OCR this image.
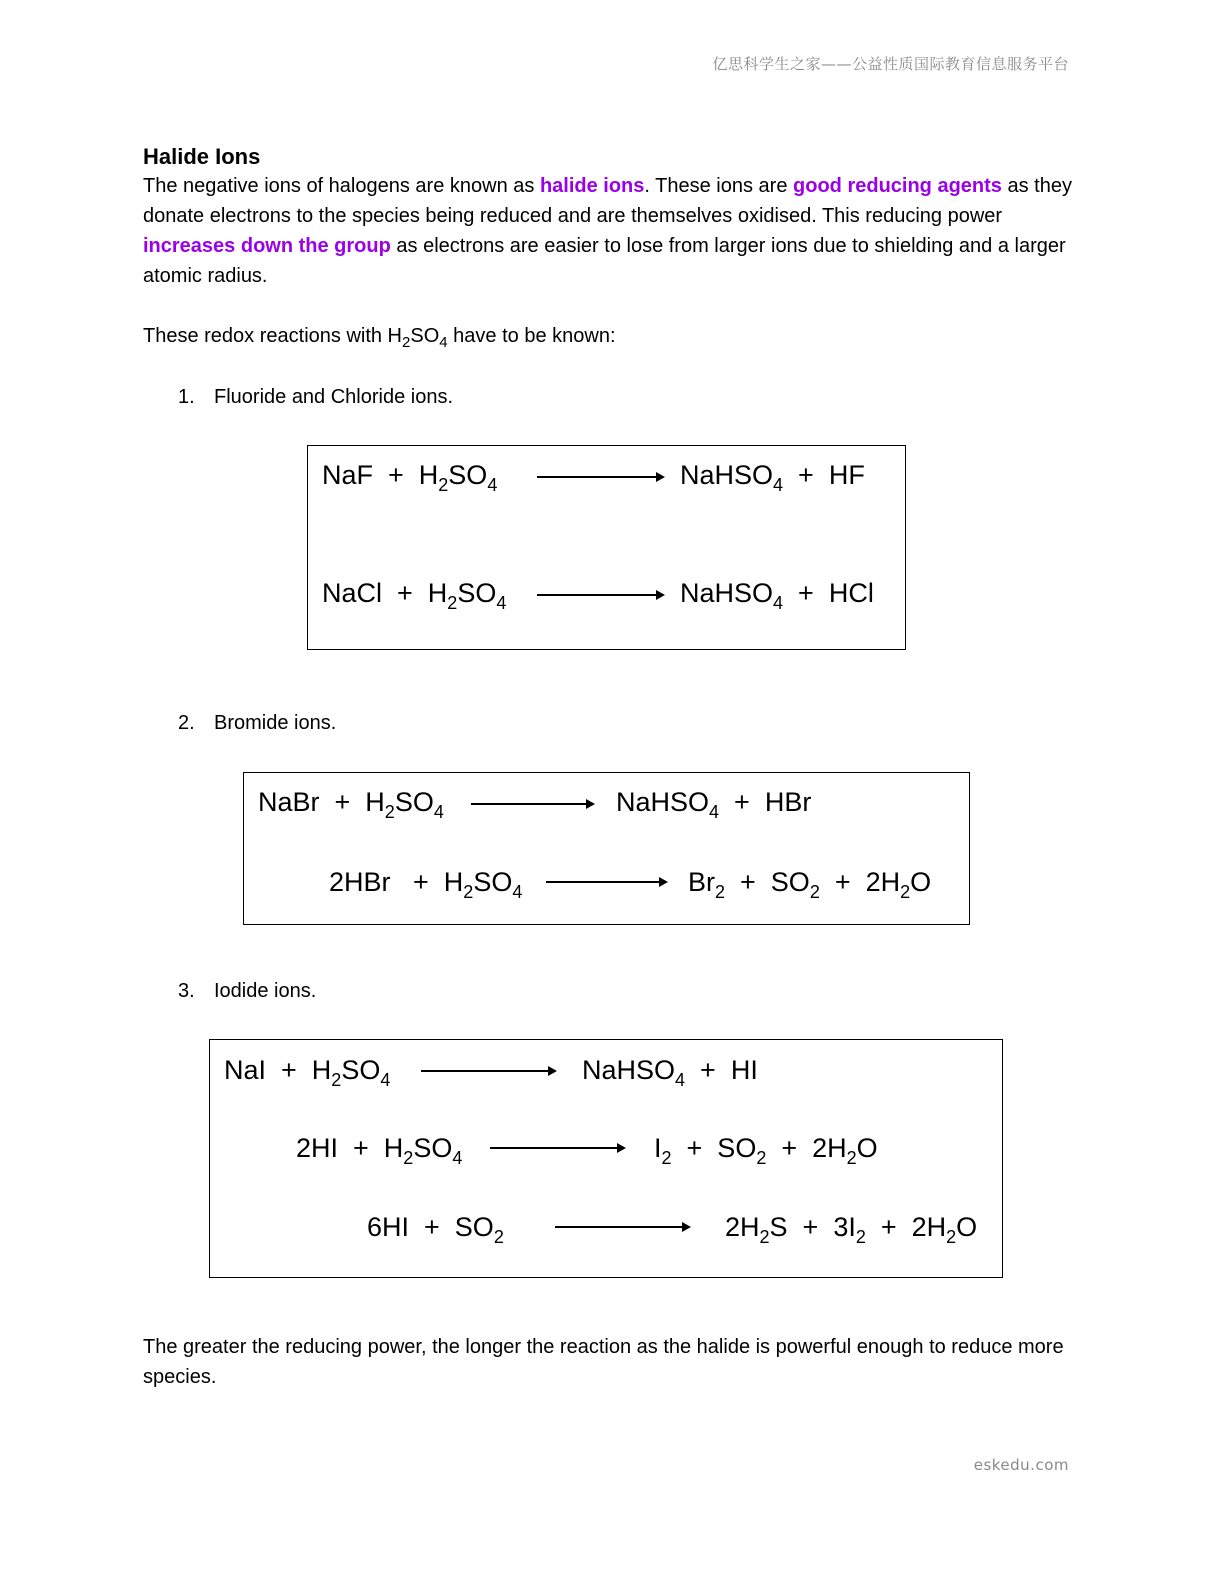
亿思科学生之家——公益性质国际教育信息服务平台

Halide Ions

The negative ions of halogens are known as halide ions. These ions are good reducing agents as they donate electrons to the species being reduced and are themselves oxidised. This reducing power increases down the group as electrons are easier to lose from larger ions due to shielding and a larger atomic radius.

These redox reactions with $H_2SO_4$ have to be known:

1. Fluoride and Chloride ions.
NaF  +  $H_2SO_4$	NaHSO$_4$  +  HF
NaCl  +  $H_2SO_4$	NaHSO$_4$  +  HCl
2. Bromide ions.
NaBr  +  $H_2SO_4$	NaHSO$_4$  +  HBr
$2HBr + H_2SO_4$	$Br_2 + SO_2 + 2H_2O$
3. Iodide ions.
NaI  +  $H_2SO_4$	NaHSO$_4$  +  HI
$2HI + H_2SO_4$	$I_2 + SO_2 + 2H_2O$
$6HI + SO_2$	$2H_2S + 3I_2 + 2H_2O$

The greater the reducing power, the longer the reaction as the halide is powerful enough to reduce more species.

eskedu.com
